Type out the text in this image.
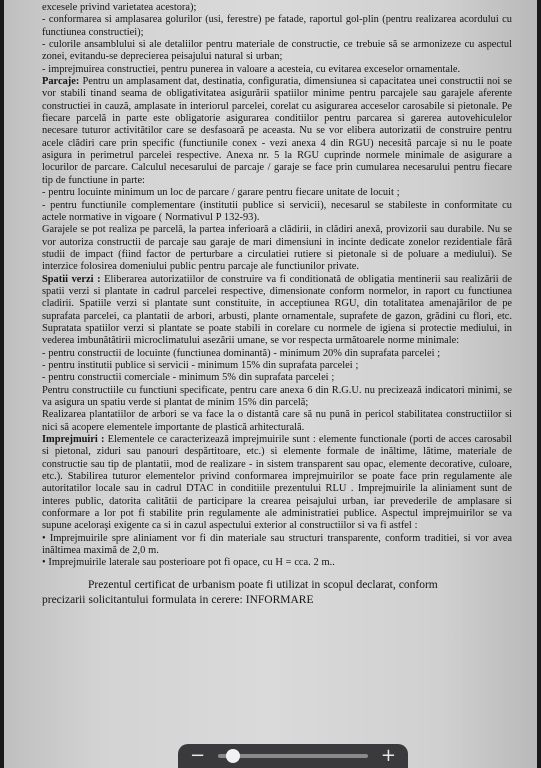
excesele privind varietatea acestora);

- conformarea si amplasarea golurilor (usi, ferestre) pe fatade, raportul gol-plin (pentru realizarea acordului cu functiunea constructiei);

- culorile ansamblului si ale detaliilor pentru materiale de constructie, ce trebuie să se armonizeze cu aspectul zonei, evitandu-se deprecierea peisajului natural si urban;

- imprejmuirea constructiei, pentru punerea in valoare a acesteia, cu evitarea exceselor ornamentale.

Parcaje: Pentru un amplasament dat, destinatia, configuratia, dimensiunea si capacitatea unei constructii noi se vor stabili tinand seama de obligativitatea asigurării spatiilor minime pentru parcajele sau garajele aferente constructiei in cauză, amplasate in interiorul parcelei, corelat cu asigurarea acceselor carosabile si pietonale. Pe fiecare parcelă in parte este obligatorie asigurarea conditiilor pentru parcarea si garerea autovehiculelor necesare tuturor activitătilor care se desfasoară pe aceasta. Nu se vor elibera autorizatii de construire pentru acele clădiri care prin specific (functiunile conex - vezi anexa 4 din RGU) necesită parcaje si nu le poate asigura in perimetrul parcelei respective. Anexa nr. 5 la RGU cuprinde normele minimale de asigurare a locurilor de parcare. Calculul necesarului de parcaje / garaje se face prin cumularea necesarului pentru fiecare tip de functiune in parte:

- pentru locuinte minimum un loc de parcare / garare pentru fiecare unitate de locuit ;

- pentru functiunile complementare (institutii publice si servicii), necesarul se stabileste in conformitate cu actele normative in vigoare ( Normativul P 132-93).

Garajele se pot realiza pe parcelă, la partea inferioară a clădirii, in clădiri anexă, provizorii sau durabile. Nu se vor autoriza constructii de parcaje sau garaje de mari dimensiuni in incinte dedicate zonelor rezidentiale fără studii de impact (fiind factor de perturbare a circulatiei rutiere si pietonale si de poluare a mediului). Se interzice folosirea domeniului public pentru parcaje ale functiunilor private.

Spatii verzi : Eliberarea autorizatiilor de construire va fi conditionată de obligatia mentinerii sau realizării de spatii verzi si plantate in cadrul parcelei respective, dimensionate conform normelor, in raport cu functiunea cladirii. Spatiile verzi si plantate sunt constituite, in acceptiunea RGU, din totalitatea amenajărilor de pe suprafata parcelei, ca plantatii de arbori, arbusti, plante ornamentale, suprafete de gazon, grădini cu flori, etc. Supratata spatiilor verzi si plantate se poate stabili in corelare cu normele de igiena si protectie mediului, in vederea imbunătătirii microclimatului asezării umane, se vor respecta următoarele norme minimale:

- pentru constructii de locuinte (functiunea dominantă) - minimum 20% din suprafata parcelei ;

- pentru institutii publice si servicii - minimum 15% din suprafata parcelei ;

- pentru constructii comerciale - minimum 5% din suprafata parcelei ;

Pentru constructiile cu functiuni specificate, pentru care anexa 6 din R.G.U. nu precizează indicatori minimi, se va asigura un spatiu verde si plantat de minim 15% din parcelă;

Realizarea plantatiilor de arbori se va face la o distantă care să nu pună in pericol stabilitatea constructiilor si nici să acopere elementele importante de plastică arhitecturală.

Imprejmuiri : Elementele ce caracterizează imprejmuirile sunt : elemente functionale (porti de acces carosabil si pietonal, ziduri sau panouri despărtitoare, etc.) si elemente formale de inăltime, lătime, materiale de constructie sau tip de plantatii, mod de realizare - in sistem transparent sau opac, elemente decorative, culoare, etc.). Stabilirea tuturor elementelor privind conformarea imprejmuirilor se poate face prin regulamente ale autoritatilor locale sau in cadrul DTAC in conditiile prezentului RLU . Imprejmuirile la aliniament sunt de interes public, datorita calitătii de participare la crearea peisajului urban, iar prevederile de amplasare si conformare a lor pot fi stabilite prin regulamente ale administratiei publice. Aspectul imprejmuirilor se va supune aceloraşi exigente ca si in cazul aspectului exterior al constructiilor si va fi astfel :

• Imprejmuirile spre aliniament vor fi din materiale sau structuri transparente, conform traditiei, si vor avea inăltimea maximă de 2,0 m.

• Imprejmuirile laterale sau posterioare pot fi opace, cu H = cca. 2 m..

Prezentul certificat de urbanism poate fi utilizat in scopul declarat, conform
precizarii solicitantului formulata in cerere: INFORMARE

−	+
